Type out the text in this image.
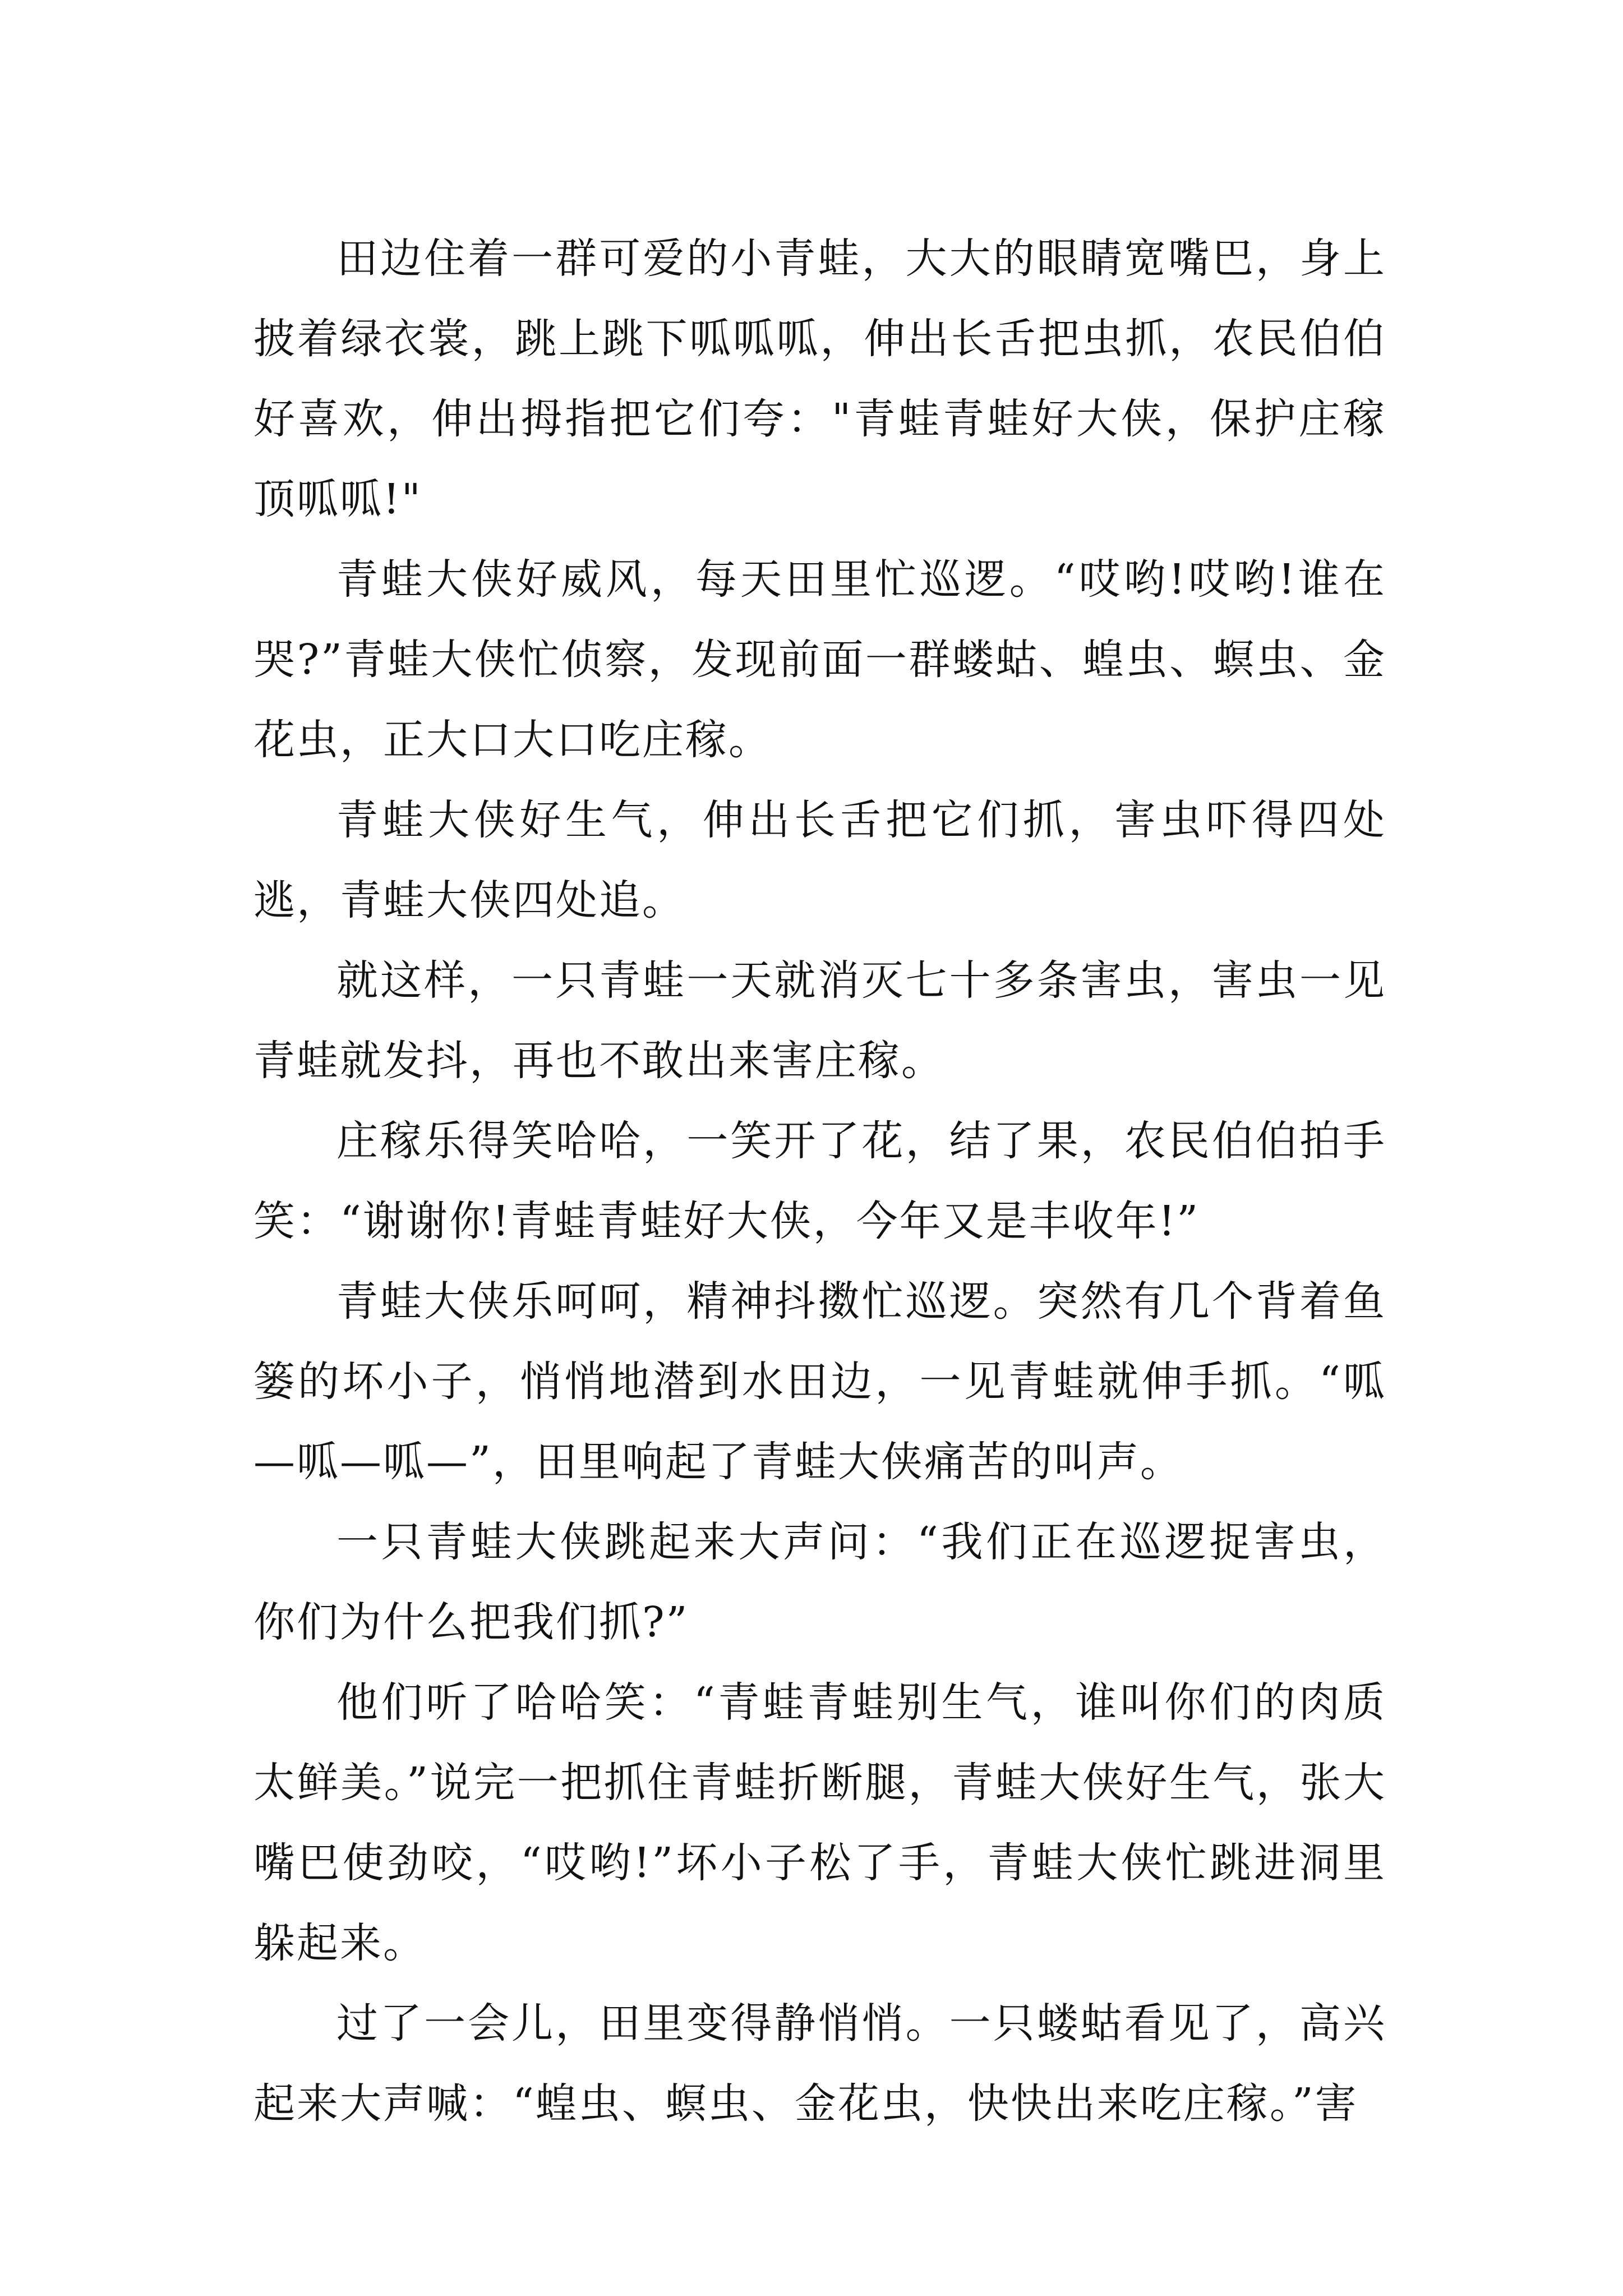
田边住着一群可爱的小青蛙，大大的眼睛宽嘴巴，身上披着绿衣裳，跳上跳下呱呱呱，伸出长舌把虫抓，农民伯伯好喜欢，伸出拇指把它们夸："青蛙青蛙好大侠，保护庄稼顶呱呱!"

青蛙大侠好威风，每天田里忙巡逻。“哎哟!哎哟!谁在哭?”青蛙大侠忙侦察，发现前面一群蝼蛄、蝗虫、螟虫、金花虫，正大口大口吃庄稼。

青蛙大侠好生气，伸出长舌把它们抓，害虫吓得四处逃，青蛙大侠四处追。

就这样，一只青蛙一天就消灭七十多条害虫，害虫一见青蛙就发抖，再也不敢出来害庄稼。

庄稼乐得笑哈哈，一笑开了花，结了果，农民伯伯拍手笑：“谢谢你!青蛙青蛙好大侠，今年又是丰收年!”

青蛙大侠乐呵呵，精神抖擞忙巡逻。突然有几个背着鱼篓的坏小子，悄悄地潜到水田边，一见青蛙就伸手抓。“呱—呱—呱—”，田里响起了青蛙大侠痛苦的叫声。

一只青蛙大侠跳起来大声问：“我们正在巡逻捉害虫，你们为什么把我们抓?”

他们听了哈哈笑：“青蛙青蛙别生气，谁叫你们的肉质太鲜美。”说完一把抓住青蛙折断腿，青蛙大侠好生气，张大嘴巴使劲咬，“哎哟!”坏小子松了手，青蛙大侠忙跳进洞里躲起来。

过了一会儿，田里变得静悄悄。一只蝼蛄看见了，高兴起来大声喊：“蝗虫、螟虫、金花虫，快快出来吃庄稼。”害
